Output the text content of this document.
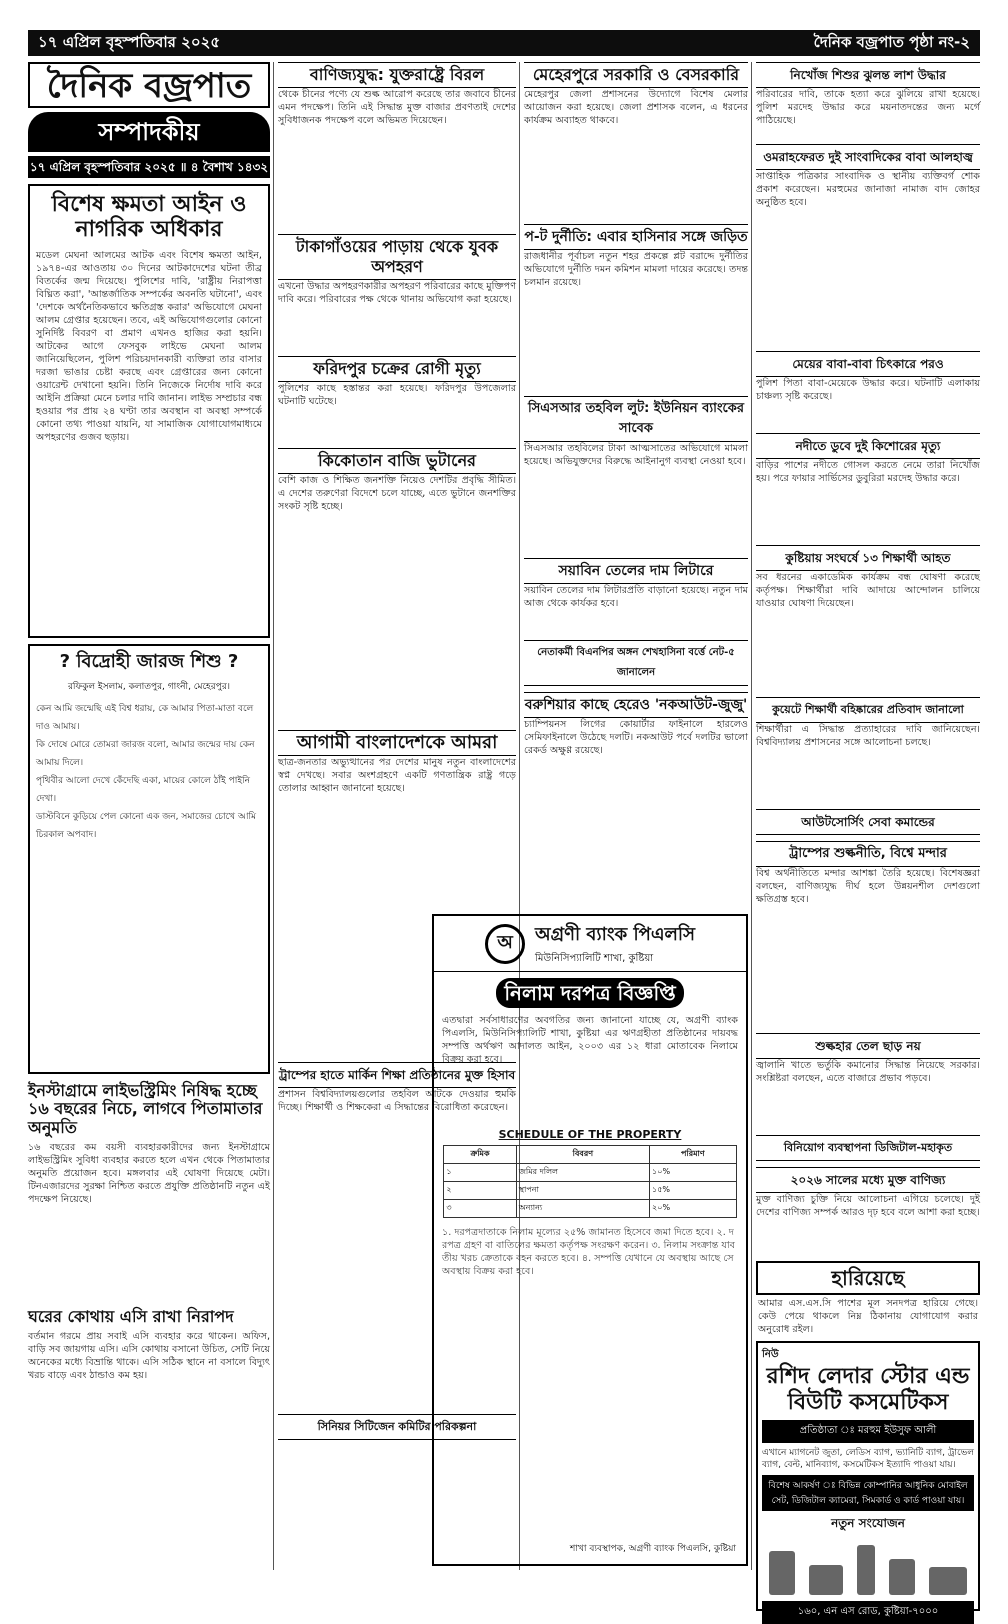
১৭ এপ্রিল বৃহস্পতিবার ২০২৫	দৈনিক বজ্রপাত পৃষ্ঠা নং-২
দৈনিক বজ্রপাত
সম্পাদকীয়
১৭ এপ্রিল বৃহস্পতিবার ২০২৫ ॥ ৪ বৈশাখ ১৪৩২
বিশেষ ক্ষমতা আইন ও নাগরিক অধিকার
মডেল মেঘনা আলমের আটক এবং বিশেষ ক্ষমতা আইন, ১৯৭৪-এর আওতায় ৩০ দিনের আটকাদেশের ঘটনা তীব্র বিতর্কের জন্ম দিয়েছে। পুলিশের দাবি, 'রাষ্ট্রীয় নিরাপত্তা বিঘ্নিত করা', 'আন্তর্জাতিক সম্পর্কের অবনতি ঘটানো', এবং 'দেশকে অর্থনৈতিকভাবে ক্ষতিগ্রস্ত করার' অভিযোগে মেঘনা আলম গ্রেপ্তার হয়েছেন। তবে, এই অভিযোগগুলোর কোনো সুনির্দিষ্ট বিবরণ বা প্রমাণ এখনও হাজির করা হয়নি। আটকের আগে ফেসবুক লাইভে মেঘনা আলম জানিয়েছিলেন, পুলিশ পরিচয়দানকারী ব্যক্তিরা তার বাসার দরজা ভাঙার চেষ্টা করছে এবং গ্রেপ্তারের জন্য কোনো ওয়ারেন্ট দেখানো হয়নি। তিনি নিজেকে নির্দোষ দাবি করে আইনি প্রক্রিয়া মেনে চলার দাবি জানান। লাইভ সম্প্রচার বন্ধ হওয়ার পর প্রায় ২৪ ঘণ্টা তার অবস্থান বা অবস্থা সম্পর্কে কোনো তথ্য পাওয়া যায়নি, যা সামাজিক যোগাযোগমাধ্যমে অপহরণের গুজব ছড়ায়।
? বিদ্রোহী জারজ শিশু ?
রফিকুল ইসলাম, কলাতপুর, গাংনী, মেহেরপুর।
কেন আমি জন্মেছি এই বিশ্ব ধরায়, কে আমার পিতা-মাতা বলে দাও আমায়।
কি দোষে মোরে তোমরা জারজ বলো, আমার জন্মের দায় কেন আমায় দিলে।
পৃথিবীর আলো দেখে কেঁদেছি একা, মায়ের কোলে ঠাঁই পাইনি দেখা।
ডাস্টবিনে কুড়িয়ে পেল কোনো এক জন, সমাজের চোখে আমি চিরকাল অপবাদ।
ইনস্টাগ্রামে লাইভস্ট্রিমিং নিষিদ্ধ হচ্ছে ১৬ বছরের নিচে, লাগবে পিতামাতার অনুমতি
১৬ বছরের কম বয়সী ব্যবহারকারীদের জন্য ইনস্টাগ্রামে লাইভস্ট্রিমিং সুবিধা ব্যবহার করতে হলে এখন থেকে পিতামাতার অনুমতি প্রয়োজন হবে। মঙ্গলবার এই ঘোষণা দিয়েছে মেটা। টিনএজারদের সুরক্ষা নিশ্চিত করতে প্রযুক্তি প্রতিষ্ঠানটি নতুন এই পদক্ষেপ নিয়েছে।
ঘরের কোথায় এসি রাখা নিরাপদ
বর্তমান গরমে প্রায় সবাই এসি ব্যবহার করে থাকেন। অফিস, বাড়ি সব জায়গায় এসি। এসি কোথায় বসানো উচিত, সেটি নিয়ে অনেকের মধ্যে বিভ্রান্তি থাকে। এসি সঠিক স্থানে না বসালে বিদ্যুৎ খরচ বাড়ে এবং ঠান্ডাও কম হয়।
বাণিজ্যযুদ্ধ: যুক্তরাষ্ট্রে বিরল
থেকে চীনের পণ্যে যে শুল্ক আরোপ করেছে তার জবাবে চীনের এমন পদক্ষেপ। তিনি এই সিদ্ধান্ত মুক্ত বাজার প্রবণতাই দেশের সুবিধাজনক পদক্ষেপ বলে অভিমত দিয়েছেন।
টাকাগাঁওয়ের পাড়ায় থেকে যুবক অপহরণ
এখনো উদ্ধার অপহরণকারীর অপহরণ পরিবারের কাছে মুক্তিপণ দাবি করে। পরিবারের পক্ষ থেকে থানায় অভিযোগ করা হয়েছে।
ফরিদপুর চক্রের রোগী মৃত্যু
পুলিশের কাছে হস্তান্তর করা হয়েছে। ফরিদপুর উপজেলার ঘটনাটি ঘটেছে।
কিকোতান বাজি ভুটানের
বেশি কাজ ও শিক্ষিত জনশক্তি নিয়েও দেশটির প্রবৃদ্ধি সীমিত। এ দেশের তরুণেরা বিদেশে চলে যাচ্ছে, এতে ভুটানে জনশক্তির সংকট সৃষ্টি হচ্ছে।
আগামী বাংলাদেশকে আমরা
ছাত্র-জনতার অভ্যুত্থানের পর দেশের মানুষ নতুন বাংলাদেশের স্বপ্ন দেখছে। সবার অংশগ্রহণে একটি গণতান্ত্রিক রাষ্ট্র গড়ে তোলার আহ্বান জানানো হয়েছে।
ট্রাম্পের হাতে মার্কিন শিক্ষা প্রতিষ্ঠানের মুক্ত হিসাব
প্রশাসন বিশ্ববিদ্যালয়গুলোর তহবিল আটকে দেওয়ার হুমকি দিচ্ছে। শিক্ষার্থী ও শিক্ষকেরা এ সিদ্ধান্তের বিরোধিতা করেছেন।
সিনিয়র সিটিজেন কমিটির পরিকল্পনা
মেহেরপুরে সরকারি ও বেসরকারি
মেহেরপুর জেলা প্রশাসনের উদ্যোগে বিশেষ মেলার আয়োজন করা হয়েছে। জেলা প্রশাসক বলেন, এ ধরনের কার্যক্রম অব্যাহত থাকবে।
প-ট দুর্নীতি: এবার হাসিনার সঙ্গে জড়িত
রাজধানীর পূর্বাচল নতুন শহর প্রকল্পে প্লট বরাদ্দে দুর্নীতির অভিযোগে দুর্নীতি দমন কমিশন মামলা দায়ের করেছে। তদন্ত চলমান রয়েছে।
সিএসআর তহবিল লুট: ইউনিয়ন ব্যাংকের সাবেক
সিএসআর তহবিলের টাকা আত্মসাতের অভিযোগে মামলা হয়েছে। অভিযুক্তদের বিরুদ্ধে আইনানুগ ব্যবস্থা নেওয়া হবে।
সয়াবিন তেলের দাম লিটারে
সয়াবিন তেলের দাম লিটারপ্রতি বাড়ানো হয়েছে। নতুন দাম আজ থেকে কার্যকর হবে।
নেতাকর্মী বিএনপির অঙ্গন শেখহাসিনা বর্ত্তে নেট-৫ জানালেন
বরুশিয়ার কাছে হেরেও 'নকআউট-জুজু'
চ্যাম্পিয়নস লিগের কোয়ার্টার ফাইনালে হারলেও সেমিফাইনালে উঠেছে দলটি। নকআউট পর্বে দলটির ভালো রেকর্ড অক্ষুণ্ণ রয়েছে।
অ	অগ্রণী ব্যাংক পিএলসি
মিউনিসিপ্যালিটি শাখা, কুষ্টিয়া
নিলাম দরপত্র বিজ্ঞপ্তি
এতদ্বারা সর্বসাধারণের অবগতির জন্য জানানো যাচ্ছে যে, অগ্রণী ব্যাংক পিএলসি, মিউনিসিপ্যালিটি শাখা, কুষ্টিয়া এর ঋণগ্রহীতা প্রতিষ্ঠানের দায়বদ্ধ সম্পত্তি অর্থঋণ আদালত আইন, ২০০৩ এর ১২ ধারা মোতাবেক নিলামে বিক্রয় করা হবে।
SCHEDULE OF THE PROPERTY
ক্রমিক	বিবরণ	পরিমাণ
১	জমির দলিল	১০%
২	স্থাপনা	১৫%
৩	অন্যান্য	২০%
১. দরপত্রদাতাকে নিলাম মূল্যের ২৫% জামানত হিসেবে জমা দিতে হবে। ২. দরপত্র গ্রহণ বা বাতিলের ক্ষমতা কর্তৃপক্ষ সংরক্ষণ করেন। ৩. নিলাম সংক্রান্ত যাবতীয় খরচ ক্রেতাকে বহন করতে হবে। ৪. সম্পত্তি যেখানে যে অবস্থায় আছে সে অবস্থায় বিক্রয় করা হবে।
শাখা ব্যবস্থাপক, অগ্রণী ব্যাংক পিএলসি, কুষ্টিয়া
নিখোঁজ শিশুর ঝুলন্ত লাশ উদ্ধার
পরিবারের দাবি, তাকে হত্যা করে ঝুলিয়ে রাখা হয়েছে। পুলিশ মরদেহ উদ্ধার করে ময়নাতদন্তের জন্য মর্গে পাঠিয়েছে।
ওমরাহফেরত দুই সাংবাদিকের বাবা আলহাজ্ব
সাপ্তাহিক পত্রিকার সাংবাদিক ও স্থানীয় ব্যক্তিবর্গ শোক প্রকাশ করেছেন। মরহুমের জানাজা নামাজ বাদ জোহর অনুষ্ঠিত হবে।
মেয়ের বাবা-বাবা চিৎকারে পরও
পুলিশ পিতা বাবা-মেয়েকে উদ্ধার করে। ঘটনাটি এলাকায় চাঞ্চল্য সৃষ্টি করেছে।
নদীতে ডুবে দুই কিশোরের মৃত্যু
বাড়ির পাশের নদীতে গোসল করতে নেমে তারা নিখোঁজ হয়। পরে ফায়ার সার্ভিসের ডুবুরিরা মরদেহ উদ্ধার করে।
কুষ্টিয়ায় সংঘর্ষে ১৩ শিক্ষার্থী আহত
সব ধরনের একাডেমিক কার্যক্রম বন্ধ ঘোষণা করেছে কর্তৃপক্ষ। শিক্ষার্থীরা দাবি আদায়ে আন্দোলন চালিয়ে যাওয়ার ঘোষণা দিয়েছেন।
কুয়েটে শিক্ষার্থী বহিষ্কারের প্রতিবাদ জানালো
শিক্ষার্থীরা এ সিদ্ধান্ত প্রত্যাহারের দাবি জানিয়েছেন। বিশ্ববিদ্যালয় প্রশাসনের সঙ্গে আলোচনা চলছে।
আউটসোর্সিং সেবা কমান্ডের
ট্রাম্পের শুল্কনীতি, বিশ্বে মন্দার
বিশ্ব অর্থনীতিতে মন্দার আশঙ্কা তৈরি হয়েছে। বিশেষজ্ঞরা বলছেন, বাণিজ্যযুদ্ধ দীর্ঘ হলে উন্নয়নশীল দেশগুলো ক্ষতিগ্রস্ত হবে।
শুল্কহার তেল ছাড় নয়
জ্বালানি খাতে ভর্তুকি কমানোর সিদ্ধান্ত নিয়েছে সরকার। সংশ্লিষ্টরা বলছেন, এতে বাজারে প্রভাব পড়বে।
বিনিয়োগ ব্যবস্থাপনা ডিজিটাল-মহাকৃত
২০২৬ সালের মধ্যে মুক্ত বাণিজ্য
মুক্ত বাণিজ্য চুক্তি নিয়ে আলোচনা এগিয়ে চলেছে। দুই দেশের বাণিজ্য সম্পর্ক আরও দৃঢ় হবে বলে আশা করা হচ্ছে।
হারিয়েছে
আমার এস.এস.সি পাশের মূল সনদপত্র হারিয়ে গেছে। কেউ পেয়ে থাকলে নিম্ন ঠিকানায় যোগাযোগ করার অনুরোধ রইল।
নিউ
রশিদ লেদার স্টোর এন্ড বিউটি কসমেটিকস
প্রতিষ্ঠাতা ঃ মরহুম ইউসুফ আলী
এখানে ম্যাগনেট জুতা, লেডিস ব্যাগ, ভ্যানিটি ব্যাগ, ট্রাভেল ব্যাগ, বেল্ট, মানিব্যাগ, কসমেটিকস ইত্যাদি পাওয়া যায়।
বিশেষ আকর্ষণ ঃ বিভিন্ন কোম্পানির আধুনিক মোবাইল সেট, ডিজিটাল ক্যামেরা, সিমকার্ড ও কার্ড পাওয়া যায়।
নতুন সংযোজন
১৬০, এন এস রোড, কুষ্টিয়া-৭০০০
